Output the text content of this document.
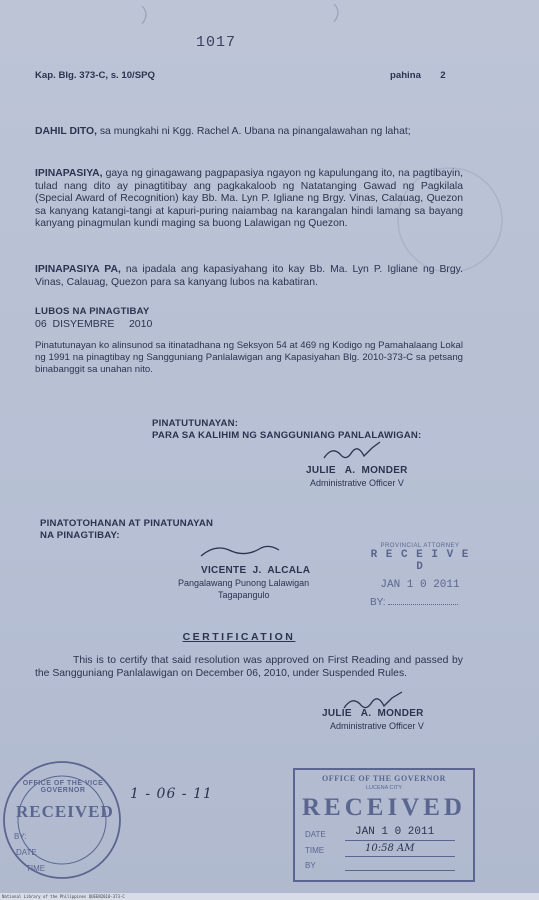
1017
Kap. Blg. 373-C, s. 10/SPQ	pahina 2
DAHIL DITO, sa mungkahi ni Kgg. Rachel A. Ubana na pinangalawahan ng lahat;
IPINAPASIYA, gaya ng ginagawang pagpapasiya ngayon ng kapulungang ito, na pagtibayin, tulad nang dito ay pinagtitibay ang pagkakaloob ng Natatanging Gawad ng Pagkilala (Special Award of Recognition) kay Bb. Ma. Lyn P. Igliane ng Brgy. Vinas, Calauag, Quezon sa kanyang katangi-tangi at kapuri-puring naiambag na karangalan hindi lamang sa bayang kanyang pinagmulan kundi maging sa buong Lalawigan ng Quezon.
IPINAPASIYA PA, na ipadala ang kapasiyahang ito kay Bb. Ma. Lyn P. Igliane ng Brgy. Vinas, Calauag, Quezon para sa kanyang lubos na kabatiran.
LUBOS NA PINAGTIBAY
06  DISYEMBRE     2010
Pinatutunayan ko alinsunod sa itinatadhana ng Seksyon 54 at 469 ng Kodigo ng Pamahalaang Lokal ng 1991 na pinagtibay ng Sangguniang Panlalawigan ang Kapasiyahan Blg. 2010-373-C sa petsang binabanggit sa unahan nito.
PINATUTUNAYAN:
PARA SA KALIHIM NG SANGGUNIANG PANLALAWIGAN:
JULIE   A.  MONDER
Administrative Officer V
PINATOTOHANAN AT PINATUNAYAN
NA PINAGTIBAY:
VICENTE  J.  ALCALA
Pangalawang Punong Lalawigan
Tagapangulo
PROVINCIAL ATTORNEY
R E C E I V E D
JAN 1 0 2011
BY:
CERTIFICATION
This is to certify that said resolution was approved on First Reading and passed by the Sangguniang Panlalawigan on December 06, 2010, under Suspended Rules.
JULIE   A.  MONDER
Administrative Officer V
OFFICE OF THE VICE GOVERNOR
RECEIVED
BY:
DATE
TIME
1 - 06 - 11
OFFICE OF THE GOVERNOR
LUCENA CITY
RECEIVED
DATE	JAN 1 0 2011
TIME	10:58 AM
BY
National Library of the Philippines QUEEN2010-373-C
